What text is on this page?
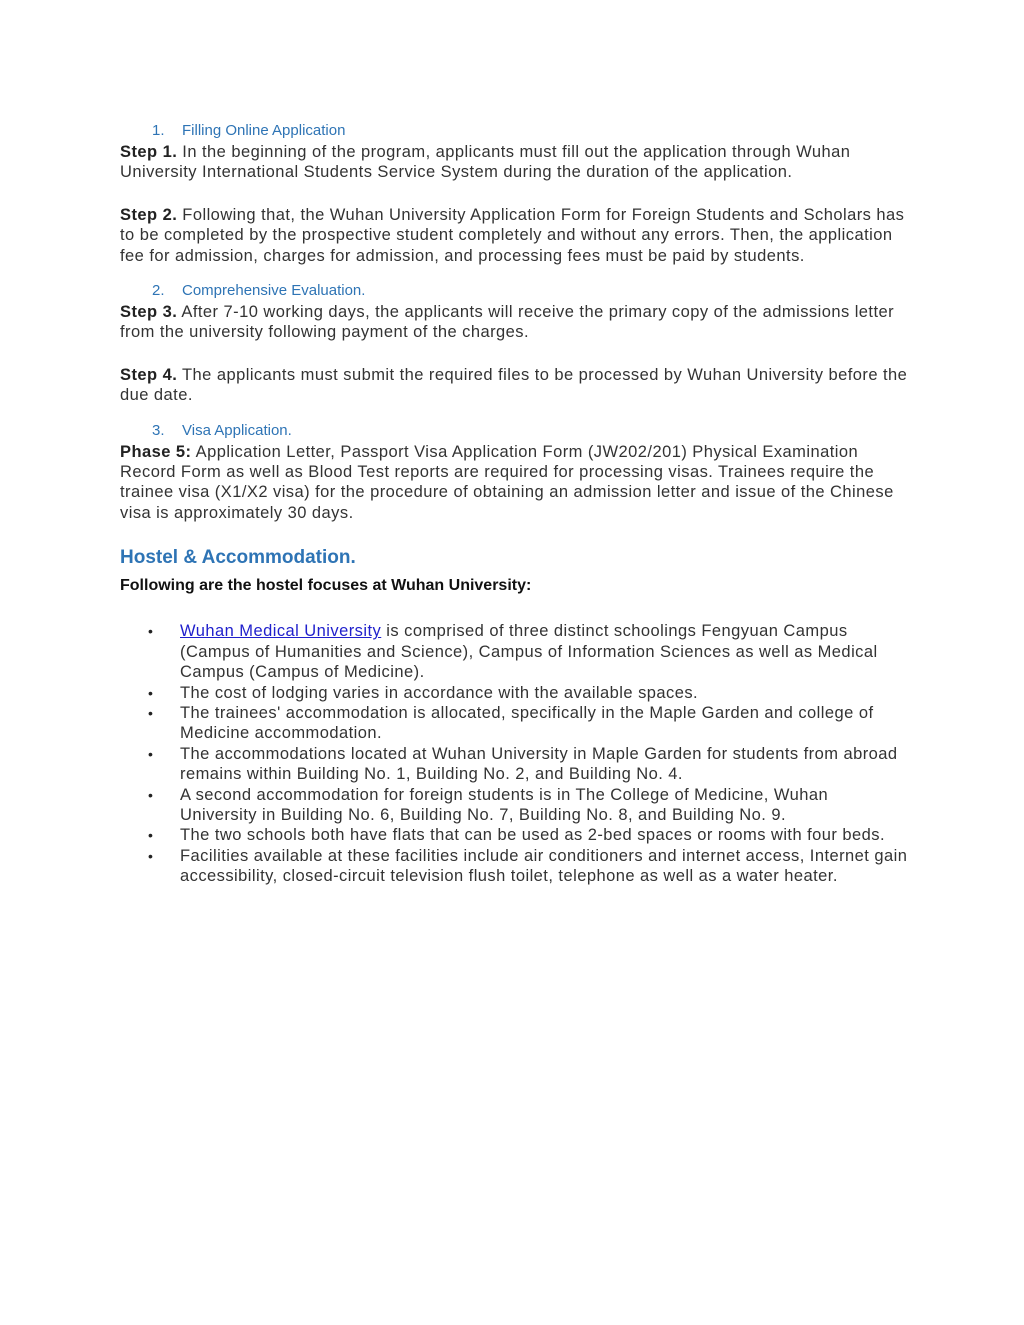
1. Filling Online Application

Step 1. In the beginning of the program, applicants must fill out the application through Wuhan University International Students Service System during the duration of the application.

Step 2. Following that, the Wuhan University Application Form for Foreign Students and Scholars has to be completed by the prospective student completely and without any errors. Then, the application fee for admission, charges for admission, and processing fees must be paid by students.

2. Comprehensive Evaluation.

Step 3. After 7-10 working days, the applicants will receive the primary copy of the admissions letter from the university following payment of the charges.

Step 4. The applicants must submit the required files to be processed by Wuhan University before the due date.

3. Visa Application.

Phase 5: Application Letter, Passport Visa Application Form (JW202/201) Physical Examination Record Form as well as Blood Test reports are required for processing visas. Trainees require the trainee visa (X1/X2 visa) for the procedure of obtaining an admission letter and issue of the Chinese visa is approximately 30 days.

Hostel & Accommodation.

Following are the hostel focuses at Wuhan University:

• Wuhan Medical University is comprised of three distinct schoolings Fengyuan Campus (Campus of Humanities and Science), Campus of Information Sciences as well as Medical Campus (Campus of Medicine).
• The cost of lodging varies in accordance with the available spaces.
• The trainees' accommodation is allocated, specifically in the Maple Garden and college of Medicine accommodation.
• The accommodations located at Wuhan University in Maple Garden for students from abroad remains within Building No. 1, Building No. 2, and Building No. 4.
• A second accommodation for foreign students is in The College of Medicine, Wuhan University in Building No. 6, Building No. 7, Building No. 8, and Building No. 9.
• The two schools both have flats that can be used as 2-bed spaces or rooms with four beds.
• Facilities available at these facilities include air conditioners and internet access, Internet gain accessibility, closed-circuit television flush toilet, telephone as well as a water heater.
